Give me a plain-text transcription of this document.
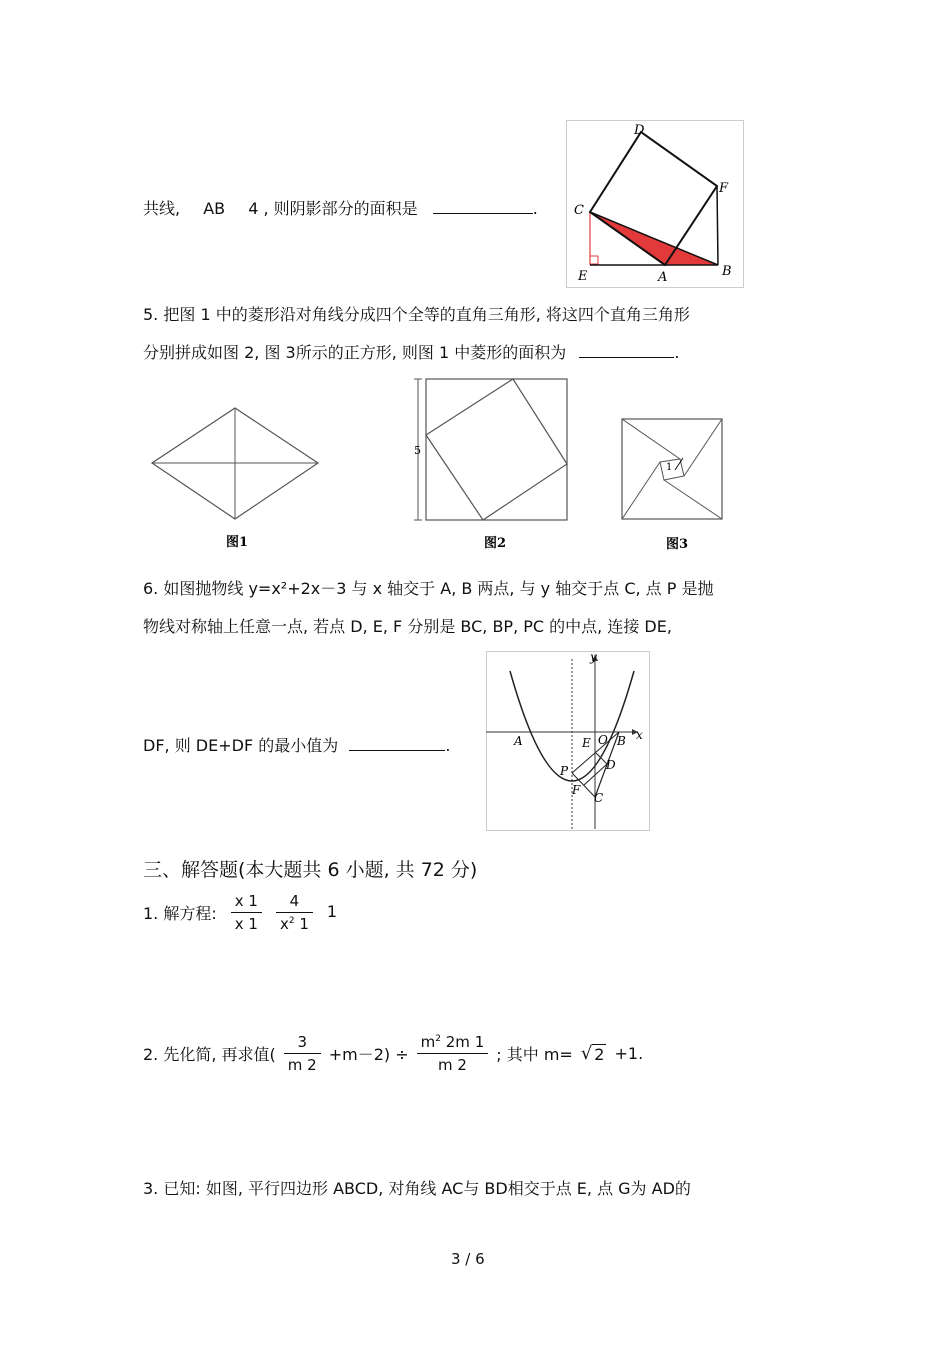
共线, AB 4 , 则阴影部分的面积是	.
D
F
C
E	A	B
5. 把图 1 中的菱形沿对角线分成四个全等的直角三角形, 将这四个直角三角形
分别拼成如图 2, 图 3所示的正方形, 则图 1 中菱形的面积为	.
图1
5
图2
1
图3
6. 如图抛物线 y=x²+2x－3 与 x 轴交于 A, B 两点, 与 y 轴交于点 C, 点 P 是抛
物线对称轴上任意一点, 若点 D, E, F 分别是 BC, BP, PC 的中点, 连接 DE,
DF, 则 DE+DF 的最小值为	.
y
x
A	B
O
E
D
P
F
C
三、解答题(本大题共 6 小题, 共 72 分)
1. 解方程: $\frac{x 1}{x 1} \frac{4}{x^2 1} 1$
2. 先化简, 再求值( $\frac{3}{m 2} +m-2) \div \frac{m^2 2m 1}{m 2}$ ; 其中 m= √ 2 +1.
3. 已知: 如图, 平行四边形 ABCD, 对角线 AC与 BD相交于点 E, 点 G为 AD的
3 / 6
